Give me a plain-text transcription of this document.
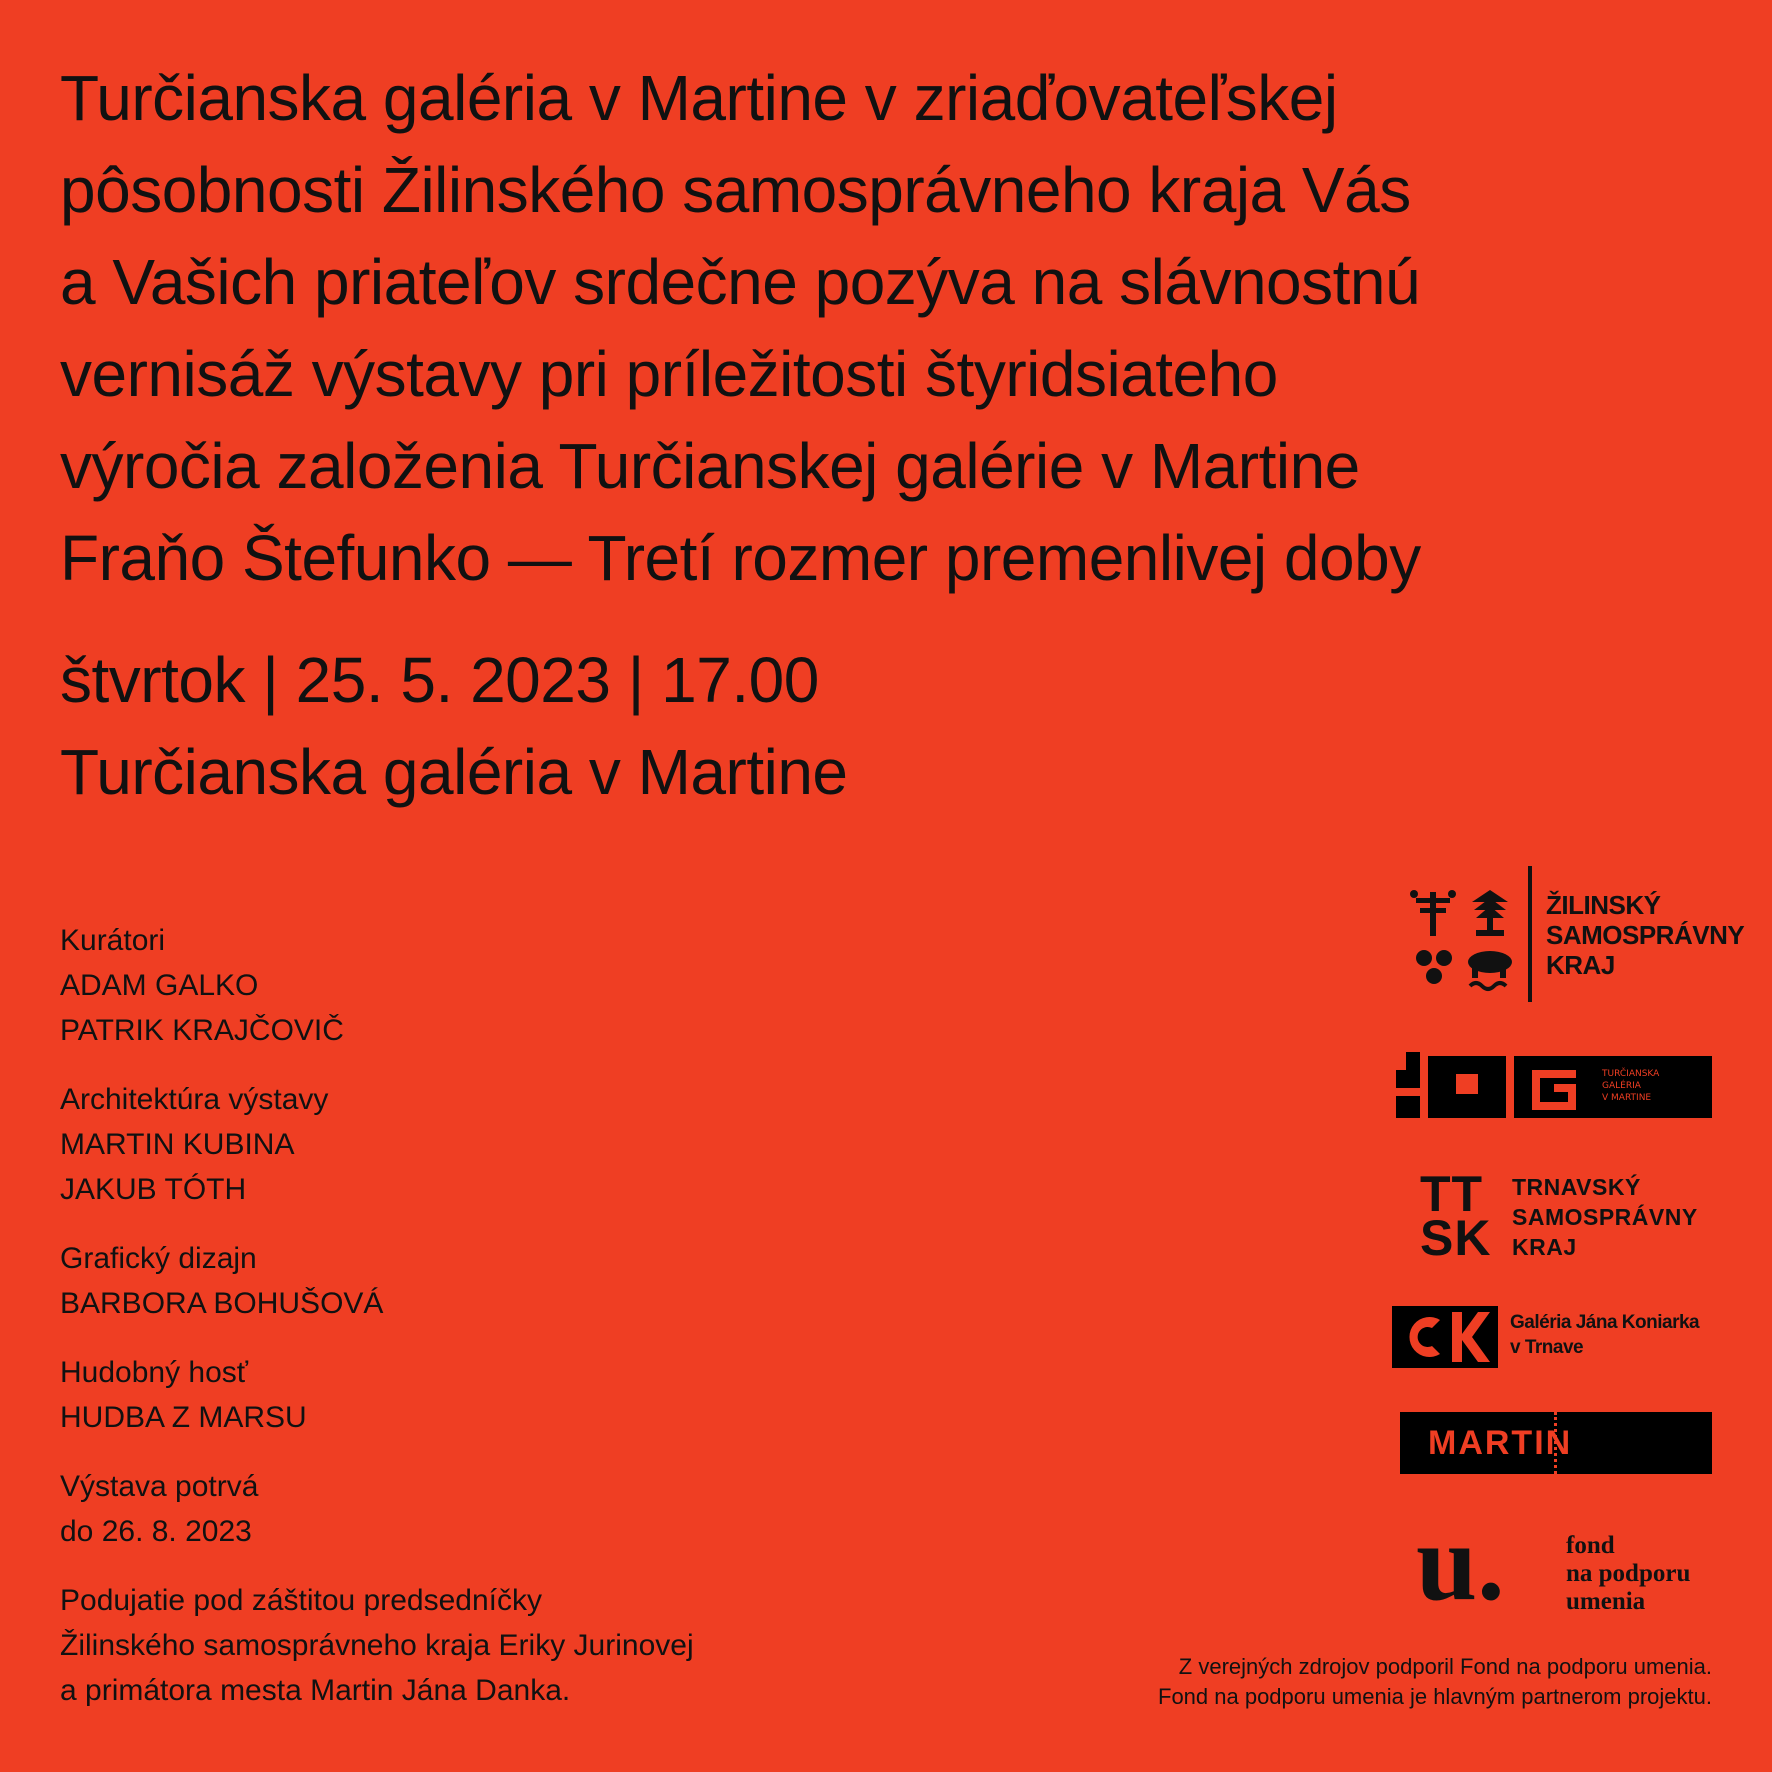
Turčianska galéria v Martine v zriaďovateľskej
pôsobnosti Žilinského samosprávneho kraja Vás
a Vašich priateľov srdečne pozýva na slávnostnú
vernisáž výstavy pri príležitosti štyridsiateho
výročia založenia Turčianskej galérie v Martine
Fraňo Štefunko — Tretí rozmer premenlivej doby
štvrtok | 25. 5. 2023 | 17.00
Turčianska galéria v Martine
Kurátori
ADAM GALKO
PATRIK KRAJČOVIČ
Architektúra výstavy
MARTIN KUBINA
JAKUB TÓTH
Grafický dizajn
BARBORA BOHUŠOVÁ
Hudobný hosť
HUDBA Z MARSU
Výstava potrvá
do 26. 8. 2023
Podujatie pod záštitou predsedníčky
Žilinského samosprávneho kraja Eriky Jurinovej
a primátora mesta Martin Jána Danka.
ŽILINSKÝ
SAMOSPRÁVNY
KRAJ
TURČIANSKA
GALÉRIA
V MARTINE
TT
SK
TRNAVSKÝ
SAMOSPRÁVNY
KRAJ
Galéria Jána Koniarka
v Trnave
MARTIN
u. fond
na podporu
umenia
Z verejných zdrojov podporil Fond na podporu umenia.
Fond na podporu umenia je hlavným partnerom projektu.
